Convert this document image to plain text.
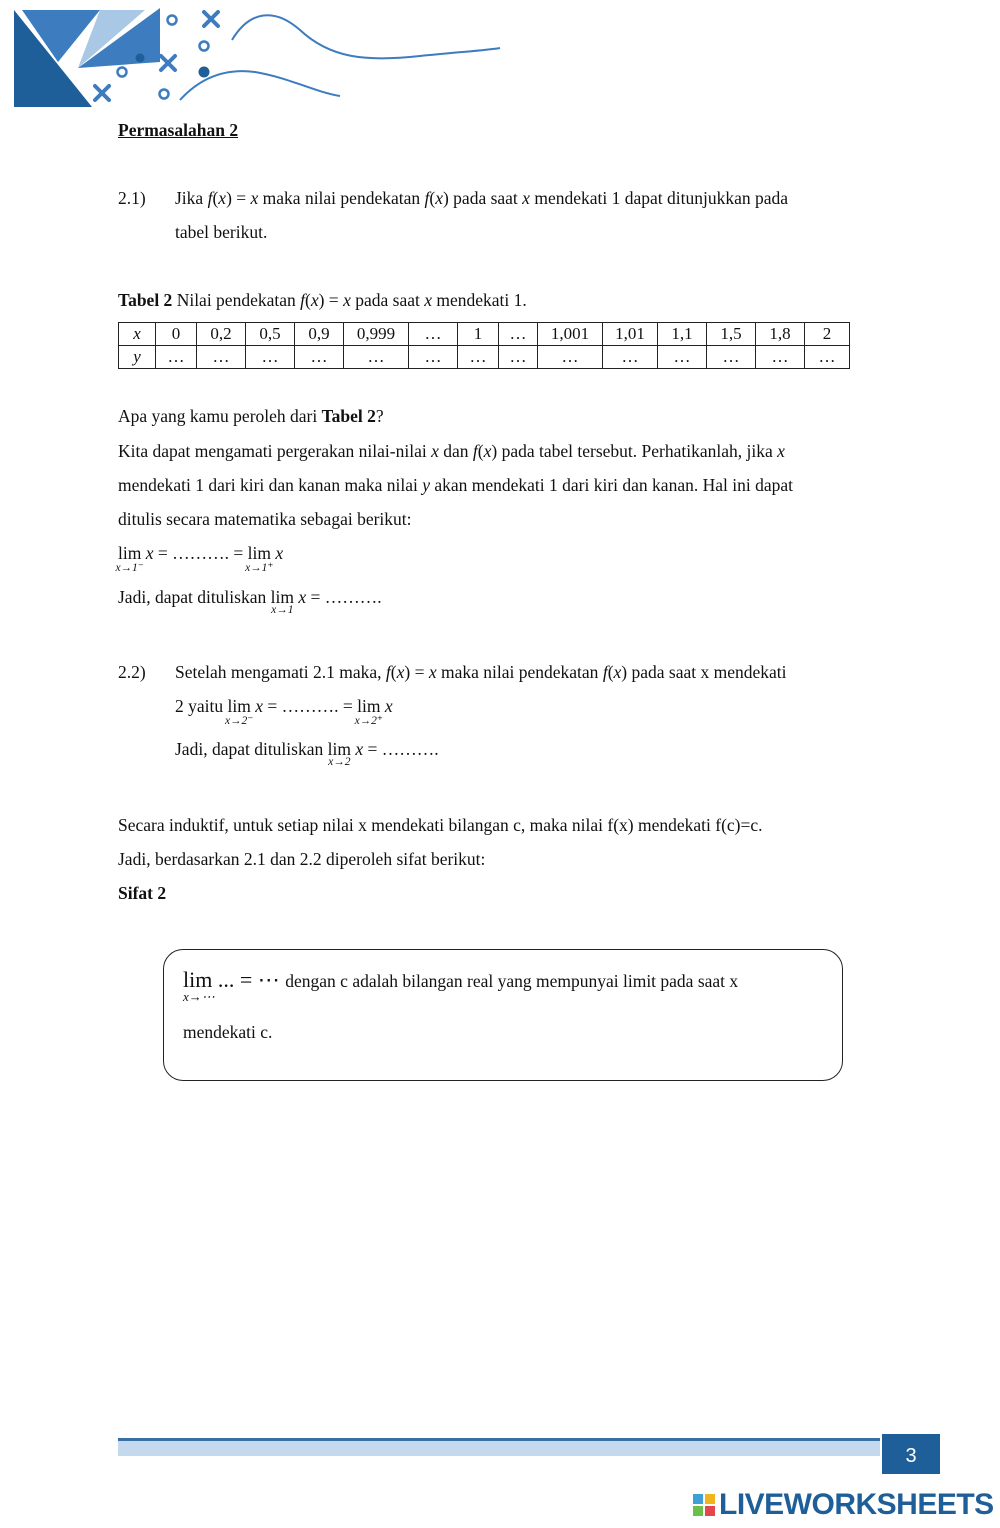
Permasalahan 2
2.1) Jika f(x) = x maka nilai pendekatan f(x) pada saat x mendekati 1 dapat ditunjukkan pada
tabel berikut.
Tabel 2 Nilai pendekatan f(x) = x pada saat x mendekati 1.
x	0	0,2	0,5	0,9	0,999	…	1	…	1,001	1,01	1,1	1,5	1,8	2
y	…	…	…	…	…	…	…	…	…	…	…	…	…	…
Apa yang kamu peroleh dari Tabel 2?
Kita dapat mengamati pergerakan nilai-nilai x dan f(x) pada tabel tersebut. Perhatikanlah, jika x
mendekati 1 dari kiri dan kanan maka nilai y akan mendekati 1 dari kiri dan kanan. Hal ini dapat
ditulis secara matematika sebagai berikut:
lim
x→1⁻
x = ………. = lim
x→1⁺
x
Jadi, dapat dituliskan lim
x→1
x = ……….
2.2) Setelah mengamati 2.1 maka, f(x) = x maka nilai pendekatan f(x) pada saat x mendekati
2 yaitu lim
x→2⁻
x = ………. = lim
x→2⁺
x
Jadi, dapat dituliskan lim
x→2
x = ……….
Secara induktif, untuk setiap nilai x mendekati bilangan c, maka nilai f(x) mendekati f(c)=c.
Jadi, berdasarkan 2.1 dan 2.2 diperoleh sifat berikut:
Sifat 2
lim
x→⋯
... = ⋯ dengan c adalah bilangan real yang mempunyai limit pada saat x
mendekati c.
3
LIVEWORKSHEETS
